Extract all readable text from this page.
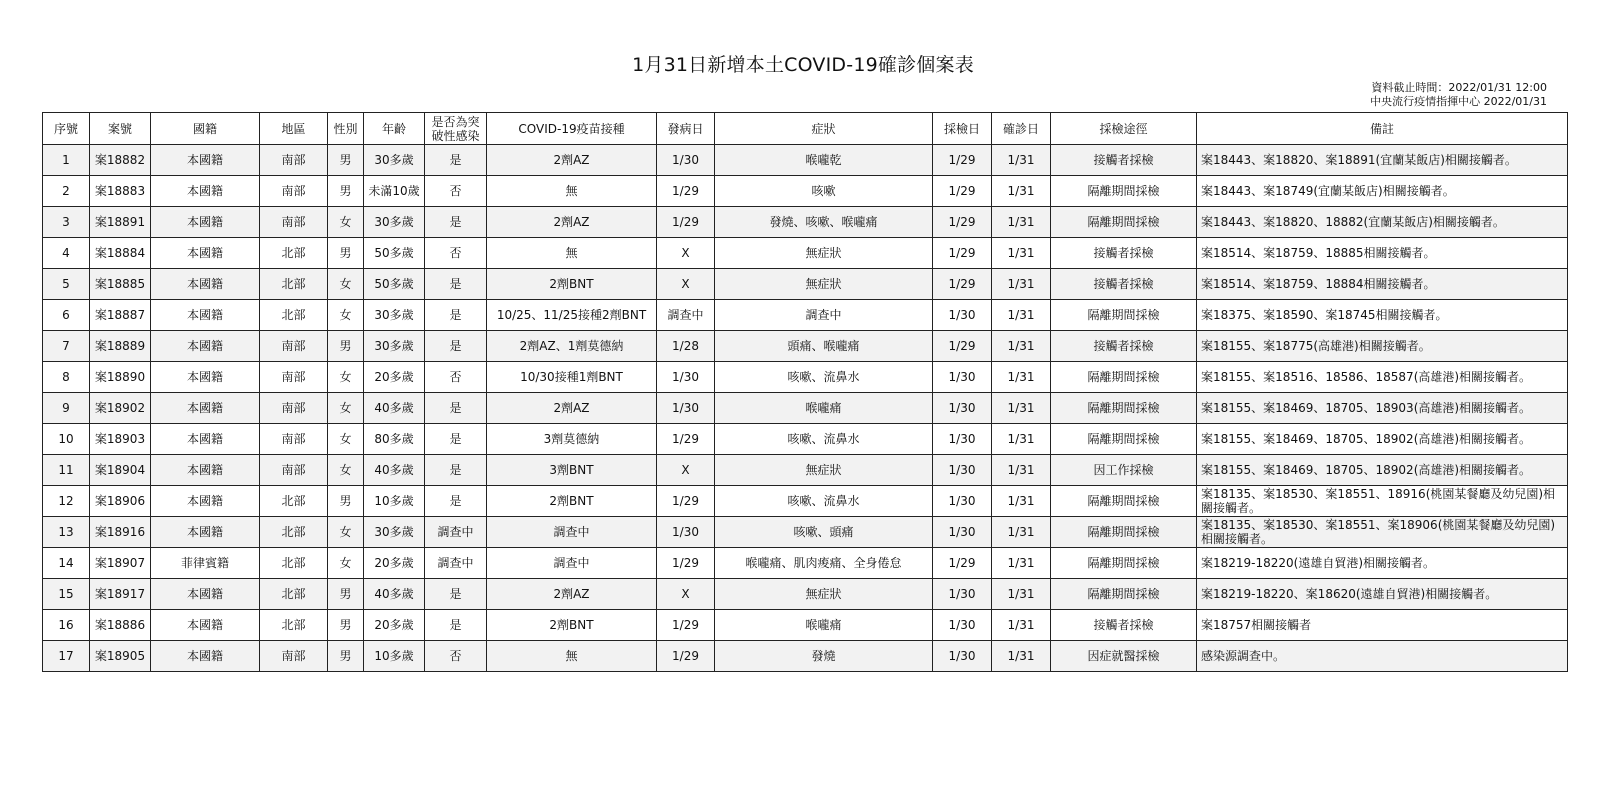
1月31日新增本土COVID-19確診個案表
資料截止時間：2022/01/31 12:00
中央流行疫情指揮中心 2022/01/31
序號	案號	國籍	地區	性別	年齡	是否為突破性感染	COVID-19疫苗接種	發病日	症狀	採檢日	確診日	採檢途徑	備註
1	案18882	本國籍	南部	男	30多歲	是	2劑AZ	1/30	喉嚨乾	1/29	1/31	接觸者採檢	案18443、案18820、案18891(宜蘭某飯店)相關接觸者。
2	案18883	本國籍	南部	男	未滿10歲	否	無	1/29	咳嗽	1/29	1/31	隔離期間採檢	案18443、案18749(宜蘭某飯店)相關接觸者。
3	案18891	本國籍	南部	女	30多歲	是	2劑AZ	1/29	發燒、咳嗽、喉嚨痛	1/29	1/31	隔離期間採檢	案18443、案18820、18882(宜蘭某飯店)相關接觸者。
4	案18884	本國籍	北部	男	50多歲	否	無	X	無症狀	1/29	1/31	接觸者採檢	案18514、案18759、18885相關接觸者。
5	案18885	本國籍	北部	女	50多歲	是	2劑BNT	X	無症狀	1/29	1/31	接觸者採檢	案18514、案18759、18884相關接觸者。
6	案18887	本國籍	北部	女	30多歲	是	10/25、11/25接種2劑BNT	調查中	調查中	1/30	1/31	隔離期間採檢	案18375、案18590、案18745相關接觸者。
7	案18889	本國籍	南部	男	30多歲	是	2劑AZ、1劑莫德納	1/28	頭痛、喉嚨痛	1/29	1/31	接觸者採檢	案18155、案18775(高雄港)相關接觸者。
8	案18890	本國籍	南部	女	20多歲	否	10/30接種1劑BNT	1/30	咳嗽、流鼻水	1/30	1/31	隔離期間採檢	案18155、案18516、18586、18587(高雄港)相關接觸者。
9	案18902	本國籍	南部	女	40多歲	是	2劑AZ	1/30	喉嚨痛	1/30	1/31	隔離期間採檢	案18155、案18469、18705、18903(高雄港)相關接觸者。
10	案18903	本國籍	南部	女	80多歲	是	3劑莫德納	1/29	咳嗽、流鼻水	1/30	1/31	隔離期間採檢	案18155、案18469、18705、18902(高雄港)相關接觸者。
11	案18904	本國籍	南部	女	40多歲	是	3劑BNT	X	無症狀	1/30	1/31	因工作採檢	案18155、案18469、18705、18902(高雄港)相關接觸者。
12	案18906	本國籍	北部	男	10多歲	是	2劑BNT	1/29	咳嗽、流鼻水	1/30	1/31	隔離期間採檢	案18135、案18530、案18551、18916(桃園某餐廳及幼兒園)相關接觸者。
13	案18916	本國籍	北部	女	30多歲	調查中	調查中	1/30	咳嗽、頭痛	1/30	1/31	隔離期間採檢	案18135、案18530、案18551、案18906(桃園某餐廳及幼兒園)相關接觸者。
14	案18907	菲律賓籍	北部	女	20多歲	調查中	調查中	1/29	喉嚨痛、肌肉痠痛、全身倦怠	1/29	1/31	隔離期間採檢	案18219-18220(遠雄自貿港)相關接觸者。
15	案18917	本國籍	北部	男	40多歲	是	2劑AZ	X	無症狀	1/30	1/31	隔離期間採檢	案18219-18220、案18620(遠雄自貿港)相關接觸者。
16	案18886	本國籍	北部	男	20多歲	是	2劑BNT	1/29	喉嚨痛	1/30	1/31	接觸者採檢	案18757相關接觸者
17	案18905	本國籍	南部	男	10多歲	否	無	1/29	發燒	1/30	1/31	因症就醫採檢	感染源調查中。
